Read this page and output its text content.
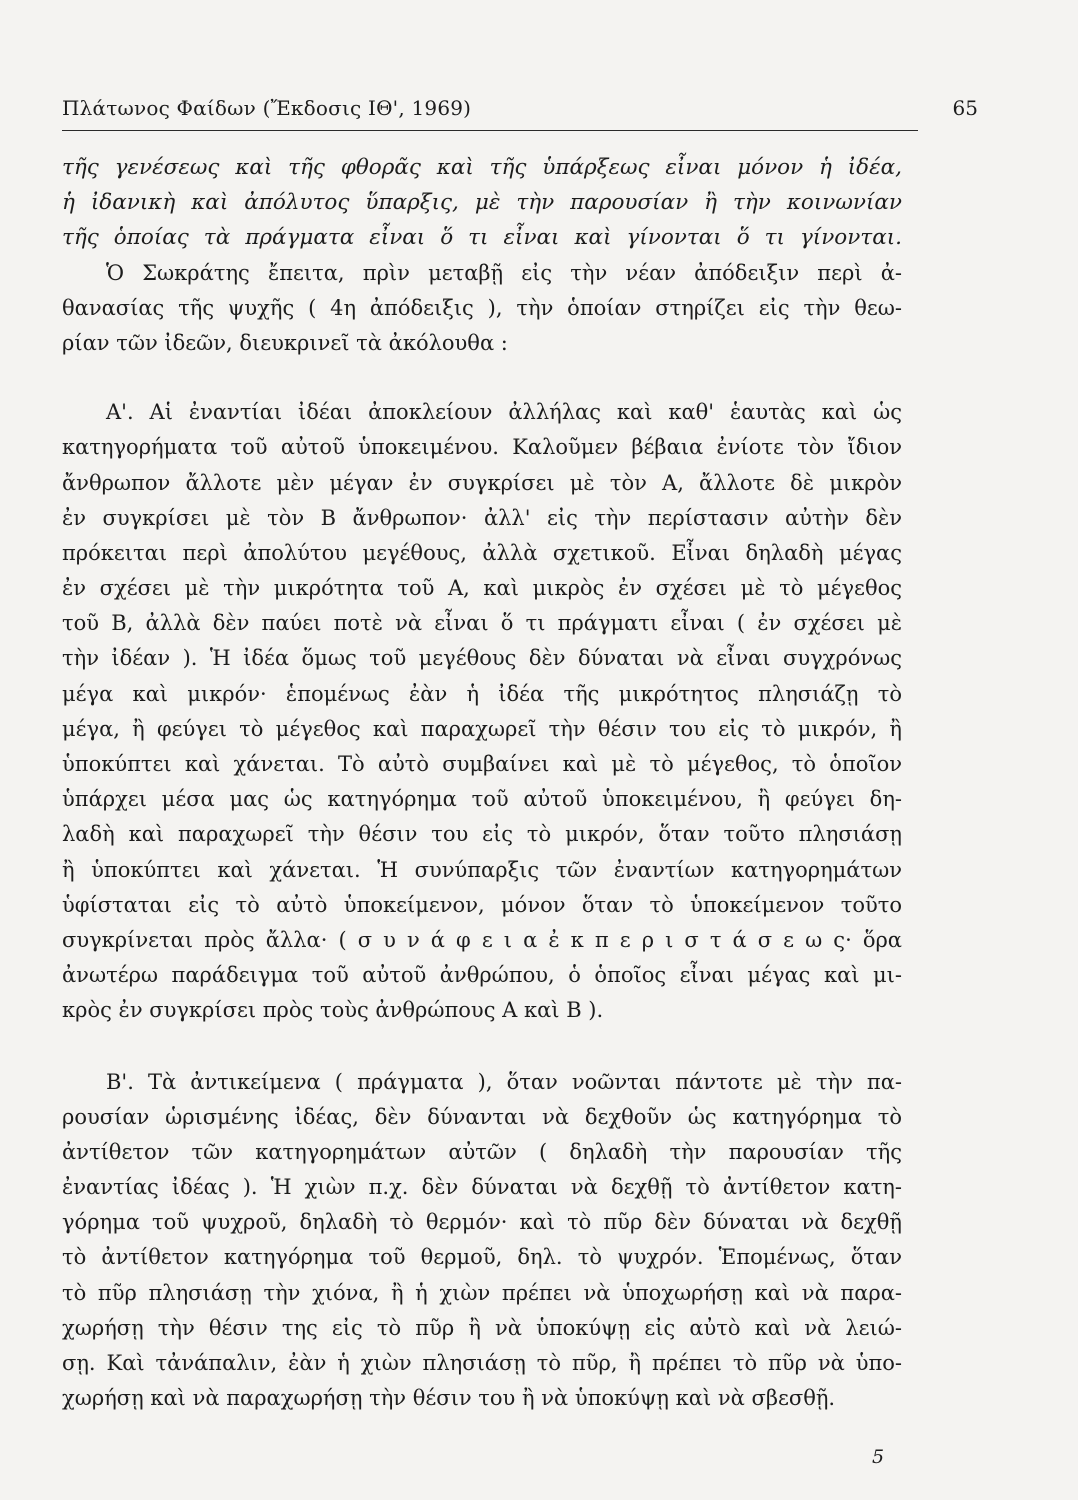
Πλάτωνος Φαίδων (Ἔκδοσις ΙΘ', 1969)	65
τῆς γενέσεως καὶ τῆς φθορᾶς καὶ τῆς ὑπάρξεως εἶναι μόνον ἡ ἰδέα,
ἡ ἰδανικὴ καὶ ἀπόλυτος ὕπαρξις, μὲ τὴν παρουσίαν ἢ τὴν κοινωνίαν
τῆς ὁποίας τὰ πράγματα εἶναι ὅ τι εἶναι καὶ γίνονται ὅ τι γίνονται.
Ὁ Σωκράτης ἔπειτα, πρὶν μεταβῇ εἰς τὴν νέαν ἀπόδειξιν περὶ ἀ-
θανασίας τῆς ψυχῆς ( 4η ἀπόδειξις ), τὴν ὁποίαν στηρίζει εἰς τὴν θεω-
ρίαν τῶν ἰδεῶν, διευκρινεῖ τὰ ἀκόλουθα :
Α'. Αἱ ἐναντίαι ἰδέαι ἀποκλείουν ἀλλήλας καὶ καθ' ἑαυτὰς καὶ ὡς
κατηγορήματα τοῦ αὐτοῦ ὑποκειμένου. Καλοῦμεν βέβαια ἐνίοτε τὸν ἴδιον
ἄνθρωπον ἄλλοτε μὲν μέγαν ἐν συγκρίσει μὲ τὸν Α, ἄλλοτε δὲ μικρὸν
ἐν συγκρίσει μὲ τὸν Β ἄνθρωπον· ἀλλ' εἰς τὴν περίστασιν αὐτὴν δὲν
πρόκειται περὶ ἀπολύτου μεγέθους, ἀλλὰ σχετικοῦ. Εἶναι δηλαδὴ μέγας
ἐν σχέσει μὲ τὴν μικρότητα τοῦ Α, καὶ μικρὸς ἐν σχέσει μὲ τὸ μέγεθος
τοῦ Β, ἀλλὰ δὲν παύει ποτὲ νὰ εἶναι ὅ τι πράγματι εἶναι ( ἐν σχέσει μὲ
τὴν ἰδέαν ). Ἡ ἰδέα ὅμως τοῦ μεγέθους δὲν δύναται νὰ εἶναι συγχρόνως
μέγα καὶ μικρόν· ἑπομένως ἐὰν ἡ ἰδέα τῆς μικρότητος πλησιάζῃ τὸ
μέγα, ἢ φεύγει τὸ μέγεθος καὶ παραχωρεῖ τὴν θέσιν του εἰς τὸ μικρόν, ἢ
ὑποκύπτει καὶ χάνεται. Τὸ αὐτὸ συμβαίνει καὶ μὲ τὸ μέγεθος, τὸ ὁποῖον
ὑπάρχει μέσα μας ὡς κατηγόρημα τοῦ αὐτοῦ ὑποκειμένου, ἢ φεύγει δη-
λαδὴ καὶ παραχωρεῖ τὴν θέσιν του εἰς τὸ μικρόν, ὅταν τοῦτο πλησιάσῃ
ἢ ὑποκύπτει καὶ χάνεται. Ἡ συνύπαρξις τῶν ἐναντίων κατηγορημάτων
ὑφίσταται εἰς τὸ αὐτὸ ὑποκείμενον, μόνον ὅταν τὸ ὑποκείμενον τοῦτο
συγκρίνεται πρὸς ἄλλα· ( σ υ ν ά φ ε ι α ἐ κ π ε ρ ι σ τ ά σ ε ω ς· ὅρα
ἀνωτέρω παράδειγμα τοῦ αὐτοῦ ἀνθρώπου, ὁ ὁποῖος εἶναι μέγας καὶ μι-
κρὸς ἐν συγκρίσει πρὸς τοὺς ἀνθρώπους Α καὶ Β ).
Β'. Τὰ ἀντικείμενα ( πράγματα ), ὅταν νοῶνται πάντοτε μὲ τὴν πα-
ρουσίαν ὡρισμένης ἰδέας, δὲν δύνανται νὰ δεχθοῦν ὡς κατηγόρημα τὸ
ἀντίθετον τῶν κατηγορημάτων αὐτῶν ( δηλαδὴ τὴν παρουσίαν τῆς
ἐναντίας ἰδέας ). Ἡ χιὼν π.χ. δὲν δύναται νὰ δεχθῇ τὸ ἀντίθετον κατη-
γόρημα τοῦ ψυχροῦ, δηλαδὴ τὸ θερμόν· καὶ τὸ πῦρ δὲν δύναται νὰ δεχθῇ
τὸ ἀντίθετον κατηγόρημα τοῦ θερμοῦ, δηλ. τὸ ψυχρόν. Ἑπομένως, ὅταν
τὸ πῦρ πλησιάσῃ τὴν χιόνα, ἢ ἡ χιὼν πρέπει νὰ ὑποχωρήσῃ καὶ νὰ παρα-
χωρήσῃ τὴν θέσιν της εἰς τὸ πῦρ ἢ νὰ ὑποκύψῃ εἰς αὐτὸ καὶ νὰ λειώ-
σῃ. Καὶ τἀνάπαλιν, ἐὰν ἡ χιὼν πλησιάσῃ τὸ πῦρ, ἢ πρέπει τὸ πῦρ νὰ ὑπο-
χωρήσῃ καὶ νὰ παραχωρήσῃ τὴν θέσιν του ἢ νὰ ὑποκύψῃ καὶ νὰ σβεσθῇ.
5
